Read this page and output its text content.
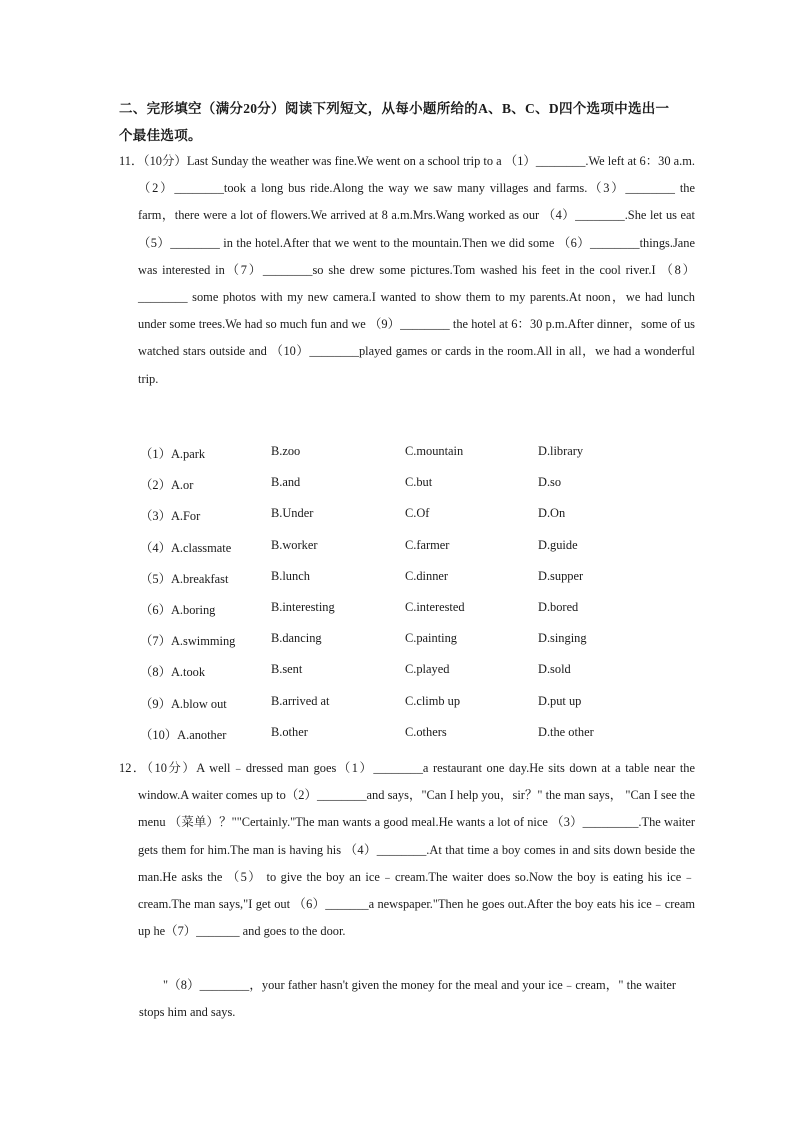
二、完形填空（满分20分）阅读下列短文，从每小题所给的A、B、C、D四个选项中选出一个最佳选项。
11．（10分）Last Sunday the weather was fine.We went on a school trip to a （1）________.We left at 6：30 a.m.（2）________took a long bus ride.Along the way we saw many villages and farms.（3）________ the farm，there were a lot of flowers.We arrived at 8 a.m.Mrs.Wang worked as our （4）________.She let us eat （5）________ in the hotel.After that we went to the mountain.Then we did some （6）________things.Jane was interested in（7）________so she drew some pictures.Tom washed his feet in the cool river.I （8）________ some photos with my new camera.I wanted to show them to my parents.At noon，we had lunch under some trees.We had so much fun and we （9）________ the hotel at 6：30 p.m.After dinner，some of us watched stars outside and （10）________played games or cards in the room.All in all，we had a wonderful trip.
（1）A.park	B.zoo	C.mountain	D.library
（2）A.or	B.and	C.but	D.so
（3）A.For	B.Under	C.Of	D.On
（4）A.classmate	B.worker	C.farmer	D.guide
（5）A.breakfast	B.lunch	C.dinner	D.supper
（6）A.boring	B.interesting	C.interested	D.bored
（7）A.swimming	B.dancing	C.painting	D.singing
（8）A.took	B.sent	C.played	D.sold
（9）A.blow out	B.arrived at	C.climb up	D.put up
（10）A.another	B.other	C.others	D.the other
12．（10分）A well﹣dressed man goes（1）________a restaurant one day.He sits down at a table near the window.A waiter comes up to（2）________and says，"Can I help you，sir？" the man says， "Can I see the menu （菜单）？""Certainly."The man wants a good meal.He wants a lot of nice （3）_________.The waiter gets them for him.The man is having his （4）________.At that time a boy comes in and sits down beside the man.He asks the （5） to give the boy an ice﹣cream.The waiter does so.Now the boy is eating his ice﹣cream.The man says,"I get out （6）_______a newspaper."Then he goes out.After the boy eats his ice﹣cream up he（7）_______ and goes to the door.
"（8）________，your father hasn't given the money for the meal and your ice﹣cream，" the waiter stops him and says.
